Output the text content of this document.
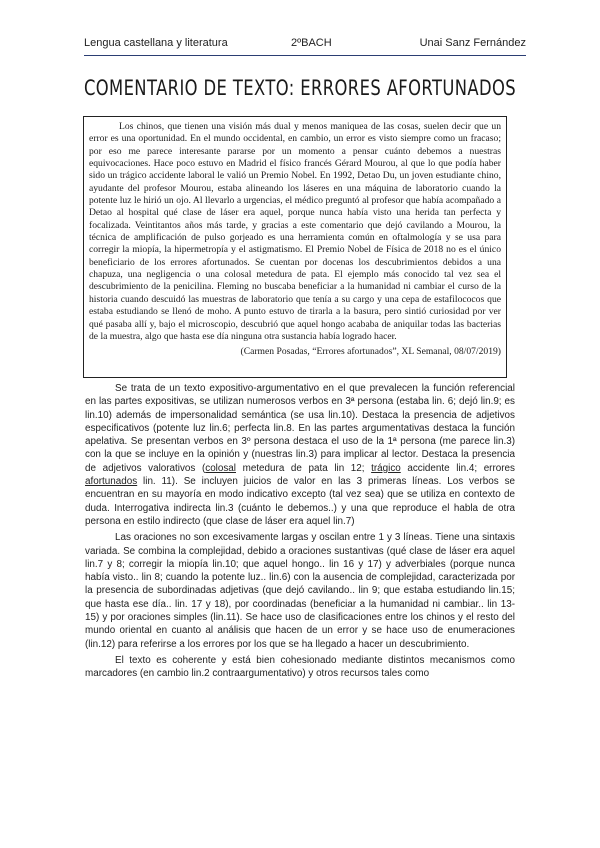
Lengua castellana y literatura	2ºBACH	Unai Sanz Fernández
COMENTARIO DE TEXTO: ERRORES AFORTUNADOS

Los chinos, que tienen una visión más dual y menos maniquea de las cosas, suelen decir que un error es una oportunidad. En el mundo occidental, en cambio, un error es visto siempre como un fracaso; por eso me parece interesante pararse por un momento a pensar cuánto debemos a nuestras equivocaciones. Hace poco estuvo en Madrid el físico francés Gérard Mourou, al que lo que podía haber sido un trágico accidente laboral le valió un Premio Nobel. En 1992, Detao Du, un joven estudiante chino, ayudante del profesor Mourou, estaba alineando los láseres en una máquina de laboratorio cuando la potente luz le hirió un ojo. Al llevarlo a urgencias, el médico preguntó al profesor que había acompañado a Detao al hospital qué clase de láser era aquel, porque nunca había visto una herida tan perfecta y focalizada. Veintitantos años más tarde, y gracias a este comentario que dejó cavilando a Mourou, la técnica de amplificación de pulso gorjeado es una herramienta común en oftalmología y se usa para corregir la miopía, la hipermetropía y el astigmatismo. El Premio Nobel de Física de 2018 no es el único beneficiario de los errores afortunados. Se cuentan por docenas los descubrimientos debidos a una chapuza, una negligencia o una colosal metedura de pata. El ejemplo más conocido tal vez sea el descubrimiento de la penicilina. Fleming no buscaba beneficiar a la humanidad ni cambiar el curso de la historia cuando descuidó las muestras de laboratorio que tenía a su cargo y una cepa de estafilococos que estaba estudiando se llenó de moho. A punto estuvo de tirarla a la basura, pero sintió curiosidad por ver qué pasaba allí y, bajo el microscopio, descubrió que aquel hongo acababa de aniquilar todas las bacterias de la muestra, algo que hasta ese día ninguna otra sustancia había logrado hacer.

(Carmen Posadas, “Errores afortunados”, XL Semanal, 08/07/2019)

Se trata de un texto expositivo-argumentativo en el que prevalecen la función referencial en las partes expositivas, se utilizan numerosos verbos en 3ª persona (estaba lin. 6; dejó lin.9; es lin.10) además de impersonalidad semántica (se usa lin.10). Destaca la presencia de adjetivos especificativos (potente luz lin.6; perfecta lin.8. En las partes argumentativas destaca la función apelativa. Se presentan verbos en 3º persona destaca el uso de la 1ª persona (me parece lin.3) con la que se incluye en la opinión y (nuestras lin.3) para implicar al lector. Destaca la presencia de adjetivos valorativos (colosal metedura de pata lin 12; trágico accidente lin.4; errores afortunados lin. 11). Se incluyen juicios de valor en las 3 primeras líneas. Los verbos se encuentran en su mayoría en modo indicativo excepto (tal vez sea) que se utiliza en contexto de duda. Interrogativa indirecta lin.3 (cuánto le debemos..) y una que reproduce el habla de otra persona en estilo indirecto (que clase de láser era aquel lin.7)

Las oraciones no son excesivamente largas y oscilan entre 1 y 3 líneas. Tiene una sintaxis variada. Se combina la complejidad, debido a oraciones sustantivas (qué clase de láser era aquel lin.7 y 8; corregir la miopía lin.10; que aquel hongo.. lin 16 y 17) y adverbiales (porque nunca había visto.. lin 8; cuando la potente luz.. lin.6) con la ausencia de complejidad, caracterizada por la presencia de subordinadas adjetivas (que dejó cavilando.. lin 9; que estaba estudiando lin.15; que hasta ese día.. lin. 17 y 18), por coordinadas (beneficiar a la humanidad ni cambiar.. lin 13-15) y por oraciones simples (lin.11). Se hace uso de clasificaciones entre los chinos y el resto del mundo oriental en cuanto al análisis que hacen de un error y se hace uso de enumeraciones (lin.12) para referirse a los errores por los que se ha llegado a hacer un descubrimiento.

El texto es coherente y está bien cohesionado mediante distintos mecanismos como marcadores (en cambio lin.2 contraargumentativo) y otros recursos tales como
